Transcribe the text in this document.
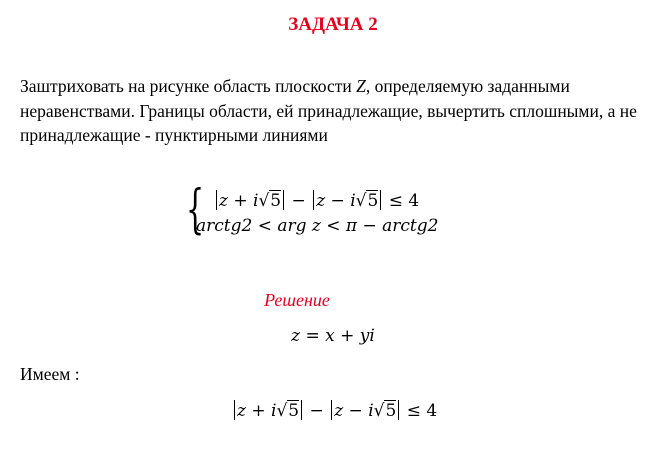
ЗАДАЧА 2
Заштриховать на рисунке область плоскости Z, определяемую заданными неравенствами. Границы области, ей принадлежащие, вычертить сплошными, а не принадлежащие - пунктирными линиями
{ z + i√5 − z − i√5 ≤ 4
arctg2 < arg z < π − arctg2
Решение
z = x + yi
Имеем :
z + i√5 − z − i√5 ≤ 4
